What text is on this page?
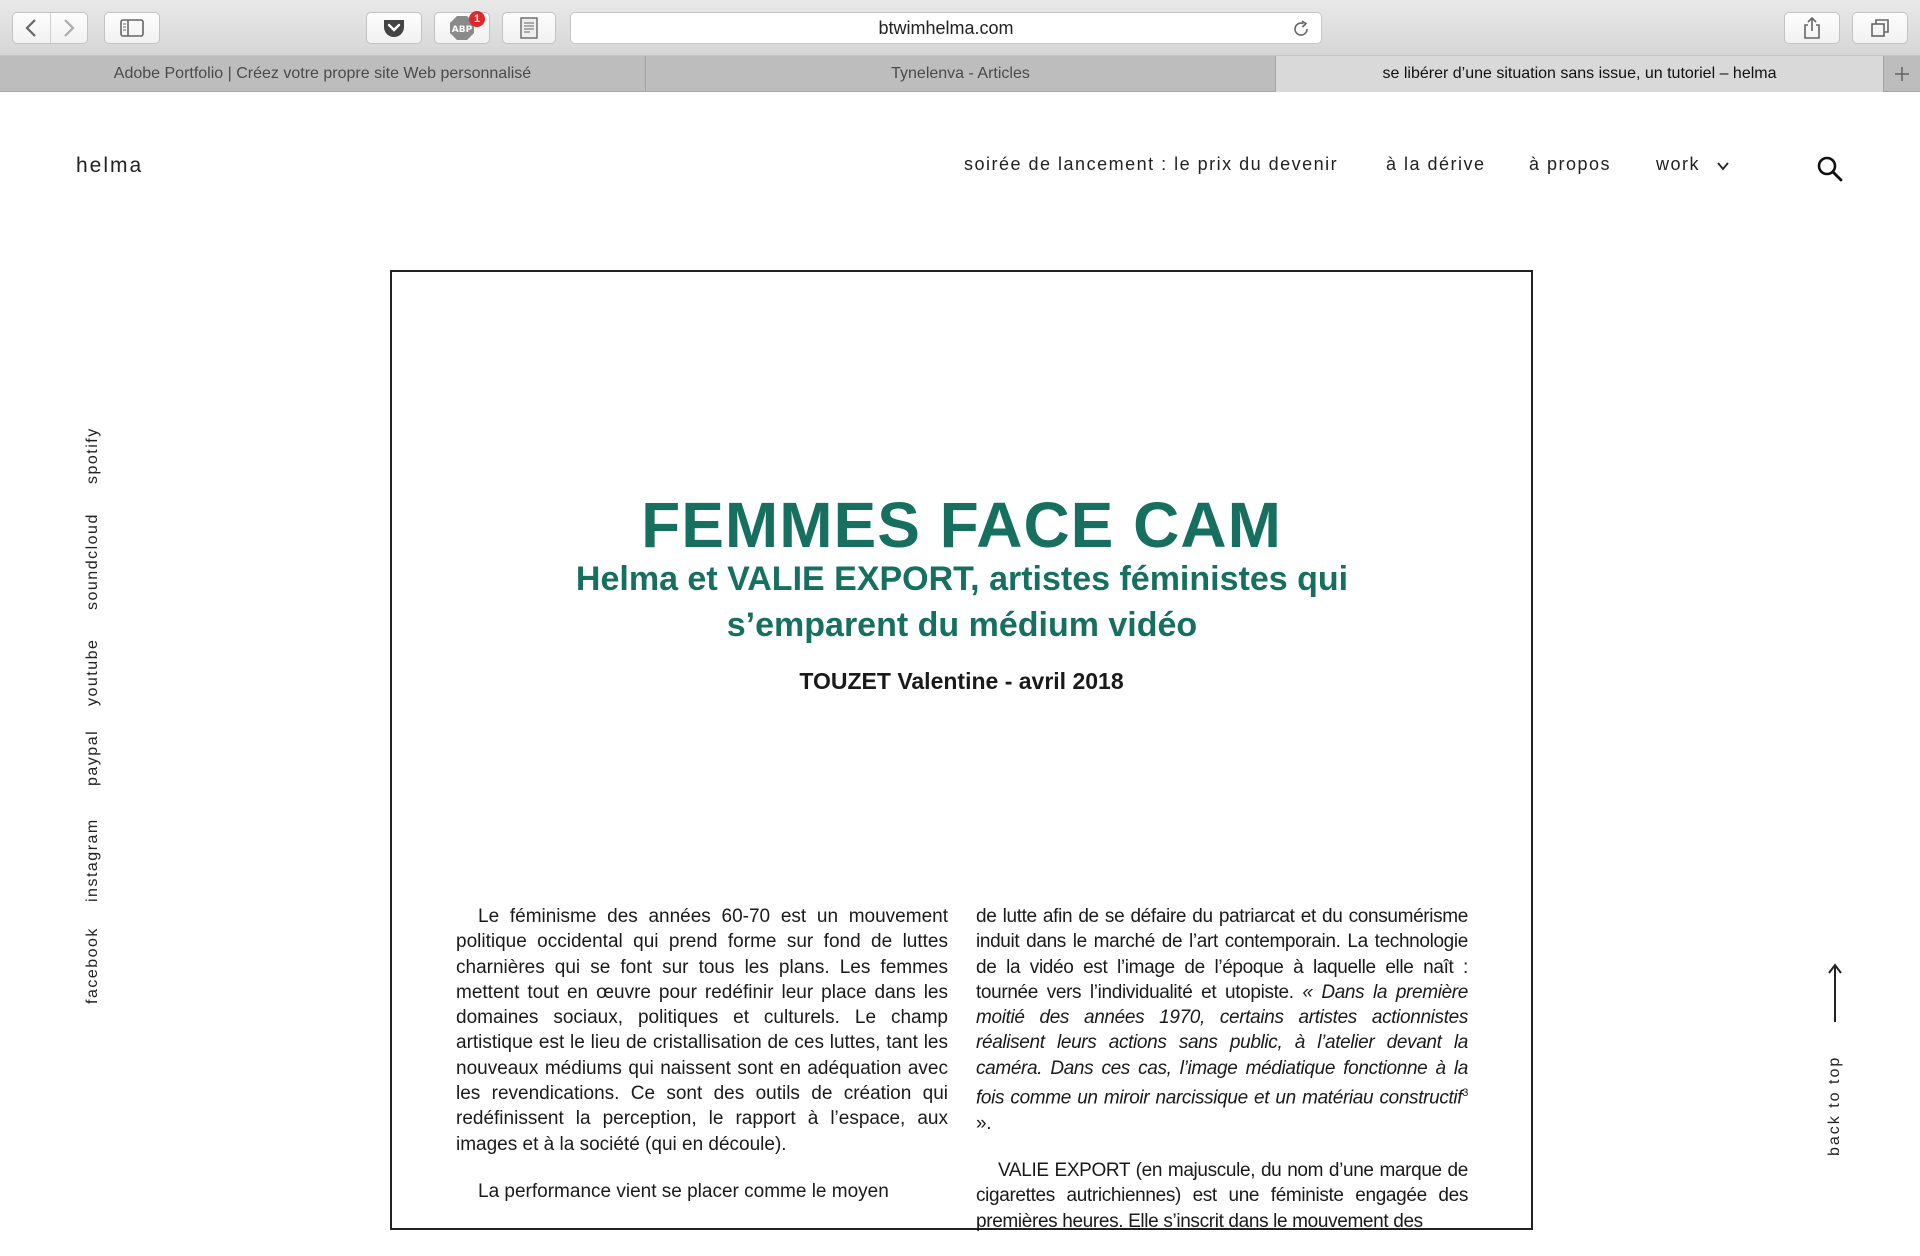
ABP
1	btwimhelma.com
Adobe Portfolio | Créez votre propre site Web personnalisé	Tynelenva - Articles	se libérer d’une situation sans issue, un tutoriel – helma
helma	soirée de lancement : le prix du devenir	à la dérive à propos work
spotify
soundcloud
youtube
paypal
instagram
facebook
FEMMES FACE CAM
Helma et VALIE EXPORT, artistes féministes qui
s’emparent du médium vidéo
TOUZET Valentine - avril 2018

Le féminisme des années 60-70 est un mouvement politique occidental qui prend forme sur fond de luttes charnières qui se font sur tous les plans. Les femmes mettent tout en œuvre pour redéfinir leur place dans les domaines sociaux, politiques et culturels. Le champ artistique est le lieu de cristallisation de ces luttes, tant les nouveaux médiums qui naissent sont en adéquation avec les revendications. Ce sont des outils de création qui redéfinissent la perception, le rapport à l’espace, aux images et à la société (qui en découle).

La performance vient se placer comme le moyen

de lutte afin de se défaire du patriarcat et du consumérisme induit dans le marché de l’art contemporain. La technologie de la vidéo est l’image de l’époque à laquelle elle naît : tournée vers l’individualité et utopiste. « Dans la première moitié des années 1970, certains artistes actionnistes réalisent leurs actions sans public, à l’atelier devant la caméra. Dans ces cas, l’image médiatique fonctionne à la fois comme un miroir narcissique et un matériau constructif$^3$ ».

VALIE EXPORT (en majuscule, du nom d’une marque de cigarettes autrichiennes) est une féministe engagée des premières heures. Elle s’inscrit dans le mouvement des

back to top
